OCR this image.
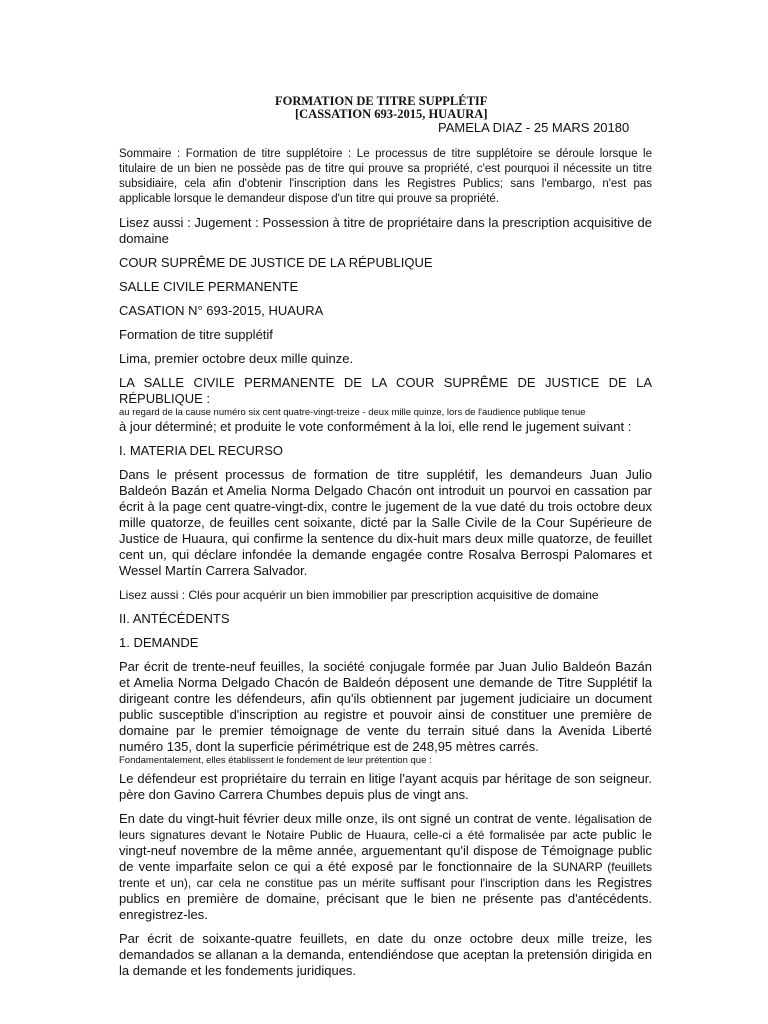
FORMATION DE TITRE SUPPLÉTIF
[CASSATION 693-2015, HUAURA]
PAMELA DIAZ - 25 MARS 20180

Sommaire : Formation de titre supplétoire : Le processus de titre supplétoire se déroule lorsque le titulaire de un bien ne possède pas de titre qui prouve sa propriété, c'est pourquoi il nécessite un titre subsidiaire, cela afin d'obtenir l'inscription dans les Registres Publics; sans l'embargo, n'est pas applicable lorsque le demandeur dispose d'un titre qui prouve sa propriété.

Lisez aussi : Jugement : Possession à titre de propriétaire dans la prescription acquisitive de domaine

COUR SUPRÊME DE JUSTICE DE LA RÉPUBLIQUE

SALLE CIVILE PERMANENTE

CASATION N° 693-2015, HUAURA

Formation de titre supplétif

Lima, premier octobre deux mille quinze.

LA SALLE CIVILE PERMANENTE DE LA COUR SUPRÊME DE JUSTICE DE LA RÉPUBLIQUE :
au regard de la cause numéro six cent quatre-vingt-treize - deux mille quinze, lors de l'audience publique tenue
à jour déterminé; et produite le vote conformément à la loi, elle rend le jugement suivant :

I. MATERIA DEL RECURSO

Dans le présent processus de formation de titre supplétif, les demandeurs Juan Julio Baldeón Bazán et Amelia Norma Delgado Chacón ont introduit un pourvoi en cassation par écrit à la page cent quatre-vingt-dix, contre le jugement de la vue daté du trois octobre deux mille quatorze, de feuilles cent soixante, dicté par la Salle Civile de la Cour Supérieure de Justice de Huaura, qui confirme la sentence du dix-huit mars deux mille quatorze, de feuillet cent un, qui déclare infondée la demande engagée contre Rosalva Berrospi Palomares et Wessel Martín Carrera Salvador.

Lisez aussi : Clés pour acquérir un bien immobilier par prescription acquisitive de domaine

II. ANTÉCÉDENTS
1. DEMANDE

Par écrit de trente-neuf feuilles, la société conjugale formée par Juan Julio Baldeón Bazán et Amelia Norma Delgado Chacón de Baldeón déposent une demande de Titre Supplétif la dirigeant contre les défendeurs, afin qu'ils obtiennent par jugement judiciaire un document public susceptible d'inscription au registre et pouvoir ainsi de constituer une première de domaine par le premier témoignage de vente du terrain situé dans la Avenida Liberté numéro 135, dont la superficie périmétrique est de 248,95 mètres carrés.
Fondamentalement, elles établissent le fondement de leur prétention que :

Le défendeur est propriétaire du terrain en litige l'ayant acquis par héritage de son seigneur. père don Gavino Carrera Chumbes depuis plus de vingt ans.

En date du vingt-huit février deux mille onze, ils ont signé un contrat de vente. légalisation de leurs signatures devant le Notaire Public de Huaura, celle-ci a été formalisée par acte public le vingt-neuf novembre de la même année, arguementant qu'il dispose de Témoignage public de vente imparfaite selon ce qui a été exposé par le fonctionnaire de la SUNARP (feuillets trente et un), car cela ne constitue pas un mérite suffisant pour l'inscription dans les Registres publics en première de domaine, précisant que le bien ne présente pas d'antécédents. enregistrez-les.

Par écrit de soixante-quatre feuillets, en date du onze octobre deux mille treize, les demandados se allanan a la demanda, entendiéndose que aceptan la pretensión dirigida en la demande et les fondements juridiques.
